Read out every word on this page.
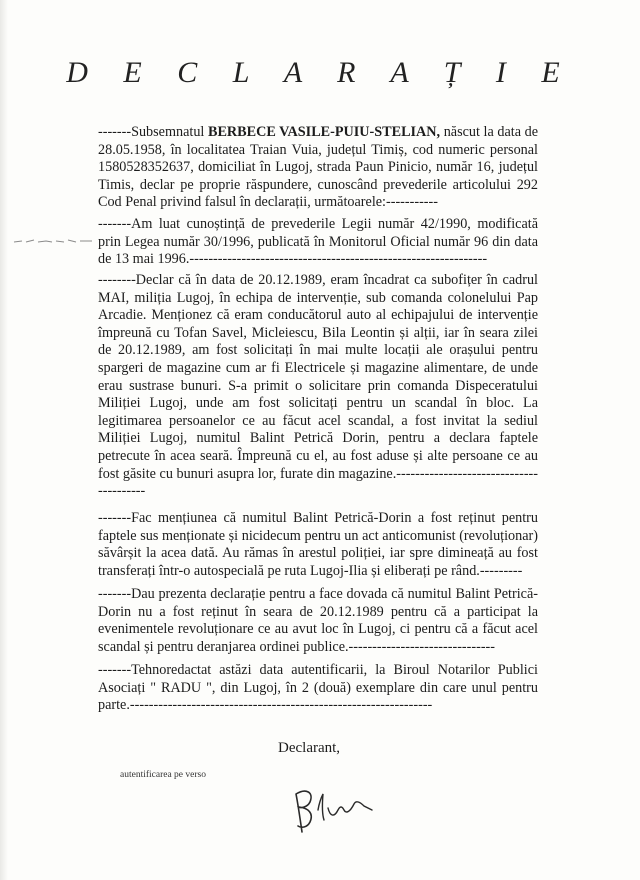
D E C L A R A Ț I E

-------Subsemnatul BERBECE VASILE-PUIU-STELIAN, născut la data de 28.05.1958, în localitatea Traian Vuia, județul Timiș, cod numeric personal 1580528352637, domiciliat în Lugoj, strada Paun Pinicio, număr 16, județul Timis, declar pe proprie răspundere, cunoscând prevederile articolului 292 Cod Penal privind falsul în declarații, următoarele:-----------

-------Am luat cunoștință de prevederile Legii număr 42/1990, modificată prin Legea număr 30/1996, publicată în Monitorul Oficial număr 96 din data de 13 mai 1996.---------------------------------------------------------------

--------Declar că în data de 20.12.1989, eram încadrat ca subofițer în cadrul MAI, miliția Lugoj, în echipa de intervenție, sub comanda colonelului Pap Arcadie. Menționez că eram conducătorul auto al echipajului de intervenție împreună cu Tofan Savel, Micleiescu, Bila Leontin și alții, iar în seara zilei de 20.12.1989, am fost solicitați în mai multe locații ale orașului pentru spargeri de magazine cum ar fi Electricele și magazine alimentare, de unde erau sustrase bunuri. S-a primit o solicitare prin comanda Dispeceratului Miliției Lugoj, unde am fost solicitați pentru un scandal în bloc. La legitimarea persoanelor ce au făcut acel scandal, a fost invitat la sediul Miliției Lugoj, numitul Balint Petrică Dorin, pentru a declara faptele petrecute în acea seară. Împreună cu el, au fost aduse și alte persoane ce au fost găsite cu bunuri asupra lor, furate din magazine.----------------------------------------

-------Fac mențiunea că numitul Balint Petrică-Dorin a fost reținut pentru faptele sus menționate și nicidecum pentru un act anticomunist (revoluționar) săvârșit la acea dată. Au rămas în arestul poliției, iar spre dimineață au fost transferați într-o autospecială pe ruta Lugoj-Ilia și eliberați pe rând.---------

-------Dau prezenta declarație pentru a face dovada că numitul Balint Petrică-Dorin nu a fost reținut în seara de 20.12.1989 pentru că a participat la evenimentele revoluționare ce au avut loc în Lugoj, ci pentru că a făcut acel scandal și pentru deranjarea ordinei publice.-------------------------------

-------Tehnoredactat astăzi data autentificarii, la Biroul Notarilor Publici Asociați " RADU ", din Lugoj, în 2 (două) exemplare din care unul pentru parte.----------------------------------------------------------------

Declarant,
autentificarea pe verso
